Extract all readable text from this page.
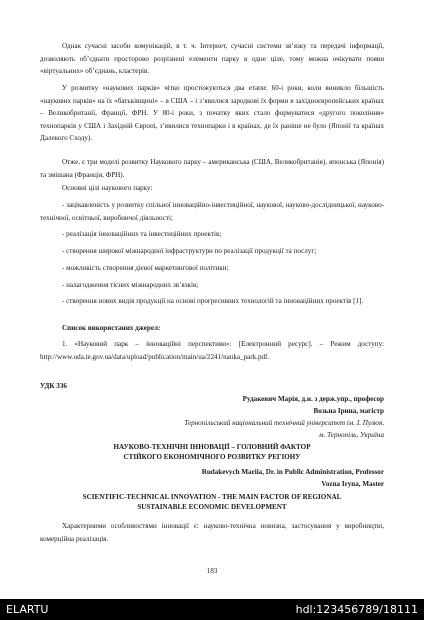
Однак сучасні засоби комунікацій, в т. ч. Інтернет, сучасні системи зв’язку та передачі інформації, дозволяють об’єднати просторово розрізнені елементи парку в одне ціле, тому можна очікувати появи «віртуальних» об’єднань, кластерів.

У розвитку «наукових парків» чітко простежуються два етапи: 60-і роки, коли виникло більшість «наукових парків» на їх «батьківщині» – в США – і з’явилися зародкові їх форми в західноєвропейських країнах – Великобританії, Франції, ФРН. У 80-і роки, з початку яких стало формуватися «другого покоління» технопарків у США і Західній Європі, з’явилися технопарки і в країнах, де їх раніше не було (Японії та країнах Далекого Сходу).

Отже, є три моделі розвитку Наукового парку – американська (США, Великобританія), японська (Японія) та змішана (Франція, ФРН).

Основні цілі наукового парку:

- зацікавленість у розвитку спільної інноваційно-інвестиційної, наукової, науково-дослідницької, науково-технічної, освітньої, виробничої діяльності;

- реалізація інноваційних та інвестиційних проектів;

- створення широкої міжнародної інфраструктури по реалізації продукції та послуг;

- можливість створення дієвої маркетингової політики;

- налагодження тісних міжнародних зв’язків;

- створення нових видів продукції на основі прогресивних технологій та інноваційних проектів [1].

Список використаних джерел:

1. «Науковий парк – інноваційні перспективи»: [Електронний ресурс]. – Режим доступу: http://www.oda.te.gov.ua/data/upload/publication/main/ua/2241/nauka_park.pdf.

УДК 336

Рудакевич Марія, д.н. з держ.упр., професор

Возьна Ірина, магістр

Тернопільський національний технічний університет ім. І. Пулюя,

м. Тернопіль, Україна

НАУКОВО-ТЕХНІЧНІ ІННОВАЦІЇ – ГОЛОВНИЙ ФАКТОР

СТІЙКОГО ЕКОНОМІЧНОГО РОЗВИТКУ РЕГІОНУ

Rudakevych Mariia, Dr. in Public Administration, Professor

Vozna Iryna, Master

SCIENTIFIC-TECHNICAL INNOVATION - THE MAIN FACTOR OF REGIONAL

SUSTAINABLE ECONOMIC DEVELOPMENT

Характерними особливостями інновації є: науково-технічна новизна, застосування у виробництві, комерційна реалізація.

183
ELARTU	hdl:123456789/18111
